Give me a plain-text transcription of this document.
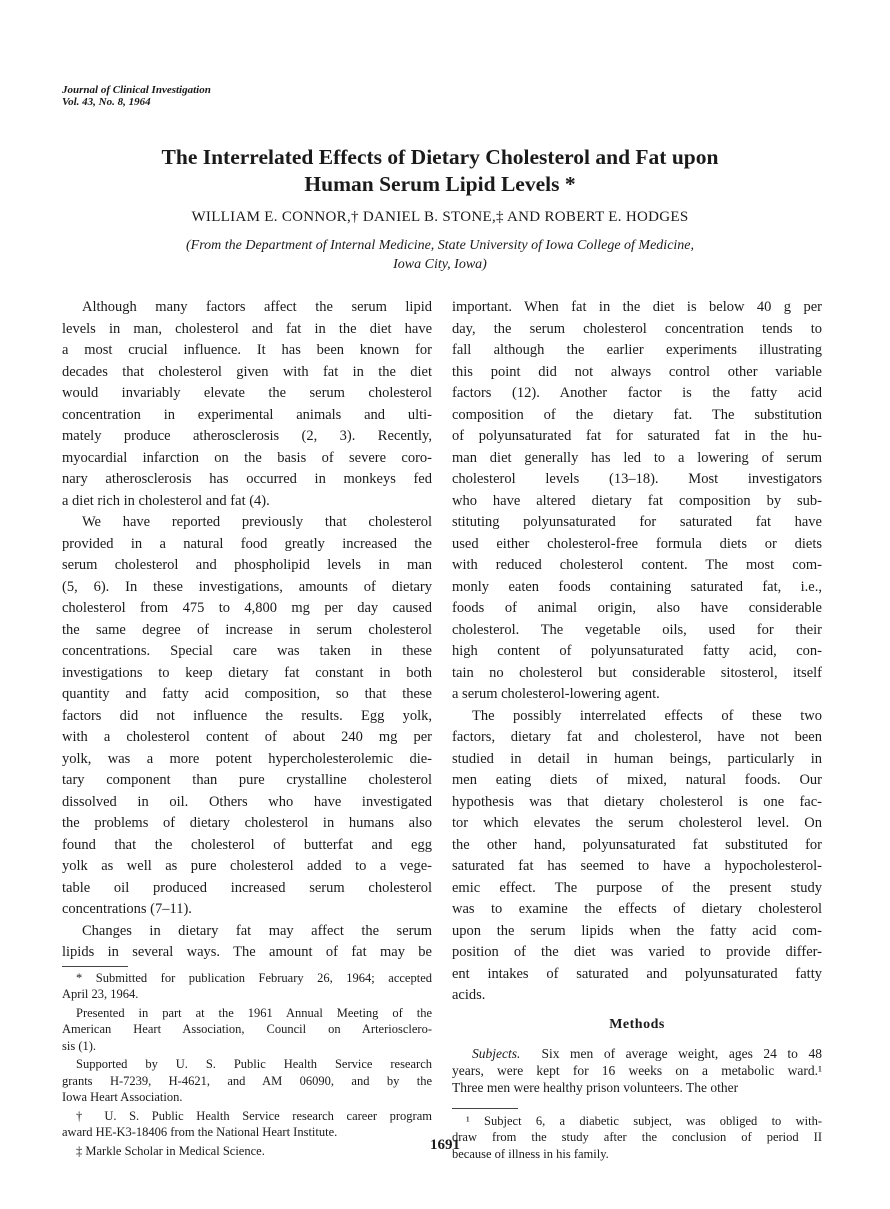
Journal of Clinical Investigation
Vol. 43, No. 8, 1964
The Interrelated Effects of Dietary Cholesterol and Fat upon
Human Serum Lipid Levels *
WILLIAM E. CONNOR,† DANIEL B. STONE,‡ AND ROBERT E. HODGES
(From the Department of Internal Medicine, State University of Iowa College of Medicine,
Iowa City, Iowa)

Although many factors affect the serum lipid

levels in man, cholesterol and fat in the diet have

a most crucial influence. It has been known for

decades that cholesterol given with fat in the diet

would invariably elevate the serum cholesterol

concentration in experimental animals and ulti-

mately produce atherosclerosis (2, 3). Recently,

myocardial infarction on the basis of severe coro-

nary atherosclerosis has occurred in monkeys fed

a diet rich in cholesterol and fat (4).

We have reported previously that cholesterol

provided in a natural food greatly increased the

serum cholesterol and phospholipid levels in man

(5, 6). In these investigations, amounts of dietary

cholesterol from 475 to 4,800 mg per day caused

the same degree of increase in serum cholesterol

concentrations. Special care was taken in these

investigations to keep dietary fat constant in both

quantity and fatty acid composition, so that these

factors did not influence the results. Egg yolk,

with a cholesterol content of about 240 mg per

yolk, was a more potent hypercholesterolemic die-

tary component than pure crystalline cholesterol

dissolved in oil. Others who have investigated

the problems of dietary cholesterol in humans also

found that the cholesterol of butterfat and egg

yolk as well as pure cholesterol added to a vege-

table oil produced increased serum cholesterol

concentrations (7–11).

Changes in dietary fat may affect the serum

lipids in several ways. The amount of fat may be

* Submitted for publication February 26, 1964; accepted

April 23, 1964.

Presented in part at the 1961 Annual Meeting of the

American Heart Association, Council on Arteriosclero-

sis (1).

Supported by U. S. Public Health Service research

grants H-7239, H-4621, and AM 06090, and by the

Iowa Heart Association.

† U. S. Public Health Service research career program

award HE-K3-18406 from the National Heart Institute.

‡ Markle Scholar in Medical Science.

important. When fat in the diet is below 40 g per

day, the serum cholesterol concentration tends to

fall although the earlier experiments illustrating

this point did not always control other variable

factors (12). Another factor is the fatty acid

composition of the dietary fat. The substitution

of polyunsaturated fat for saturated fat in the hu-

man diet generally has led to a lowering of serum

cholesterol levels (13–18). Most investigators

who have altered dietary fat composition by sub-

stituting polyunsaturated for saturated fat have

used either cholesterol-free formula diets or diets

with reduced cholesterol content. The most com-

monly eaten foods containing saturated fat, i.e.,

foods of animal origin, also have considerable

cholesterol. The vegetable oils, used for their

high content of polyunsaturated fatty acid, con-

tain no cholesterol but considerable sitosterol, itself

a serum cholesterol-lowering agent.

The possibly interrelated effects of these two

factors, dietary fat and cholesterol, have not been

studied in detail in human beings, particularly in

men eating diets of mixed, natural foods. Our

hypothesis was that dietary cholesterol is one fac-

tor which elevates the serum cholesterol level. On

the other hand, polyunsaturated fat substituted for

saturated fat has seemed to have a hypocholesterol-

emic effect. The purpose of the present study

was to examine the effects of dietary cholesterol

upon the serum lipids when the fatty acid com-

position of the diet was varied to provide differ-

ent intakes of saturated and polyunsaturated fatty

acids.

Methods

Subjects. Six men of average weight, ages 24 to 48

years, were kept for 16 weeks on a metabolic ward.¹

Three men were healthy prison volunteers. The other

¹ Subject 6, a diabetic subject, was obliged to with-

draw from the study after the conclusion of period II

because of illness in his family.

1691
